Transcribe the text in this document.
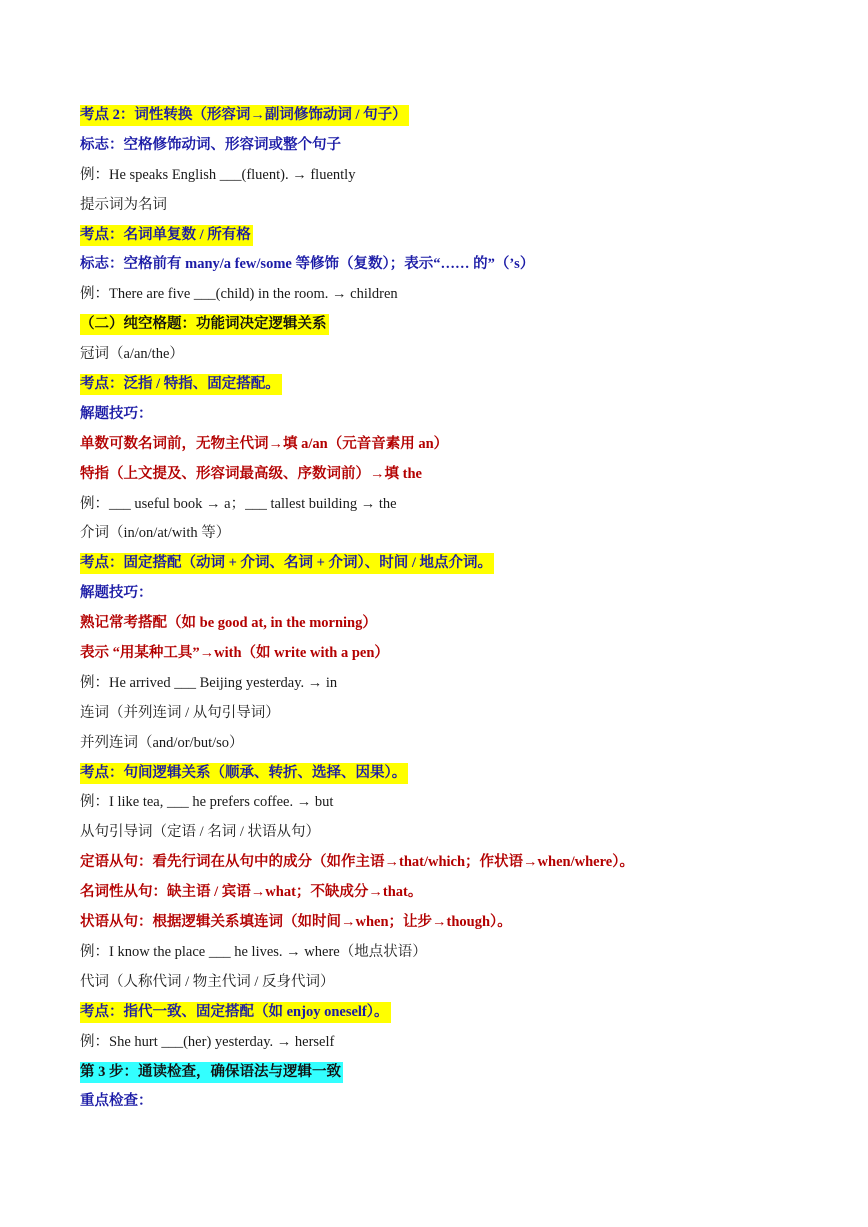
考点 2：词性转换（形容词→副词修饰动词 / 句子）
标志：空格修饰动词、形容词或整个句子
例：He speaks English ___(fluent). → fluently
提示词为名词
考点：名词单复数 / 所有格
标志：空格前有 many/a few/some 等修饰（复数）；表示“…… 的”（’s）
例：There are five ___(child) in the room. → children
（二）纯空格题：功能词决定逻辑关系
冠词（a/an/the）
考点：泛指 / 特指、固定搭配。
解题技巧：
单数可数名词前，无物主代词→填 a/an（元音音素用 an）
特指（上文提及、形容词最高级、序数词前）→填 the
例：___ useful book → a；___ tallest building → the
介词（in/on/at/with 等）
考点：固定搭配（动词 + 介词、名词 + 介词）、时间 / 地点介词。
解题技巧：
熟记常考搭配（如 be good at, in the morning）
表示 “用某种工具”→with（如 write with a pen）
例：He arrived ___ Beijing yesterday. → in
连词（并列连词 / 从句引导词）
并列连词（and/or/but/so）
考点：句间逻辑关系（顺承、转折、选择、因果）。
例：I like tea, ___ he prefers coffee. → but
从句引导词（定语 / 名词 / 状语从句）
定语从句：看先行词在从句中的成分（如作主语→that/which；作状语→when/where）。
名词性从句：缺主语 / 宾语→what；不缺成分→that。
状语从句：根据逻辑关系填连词（如时间→when；让步→though）。
例：I know the place ___ he lives. → where（地点状语）
代词（人称代词 / 物主代词 / 反身代词）
考点：指代一致、固定搭配（如 enjoy oneself）。
例：She hurt ___(her) yesterday. → herself
第 3 步：通读检查，确保语法与逻辑一致
重点检查：
